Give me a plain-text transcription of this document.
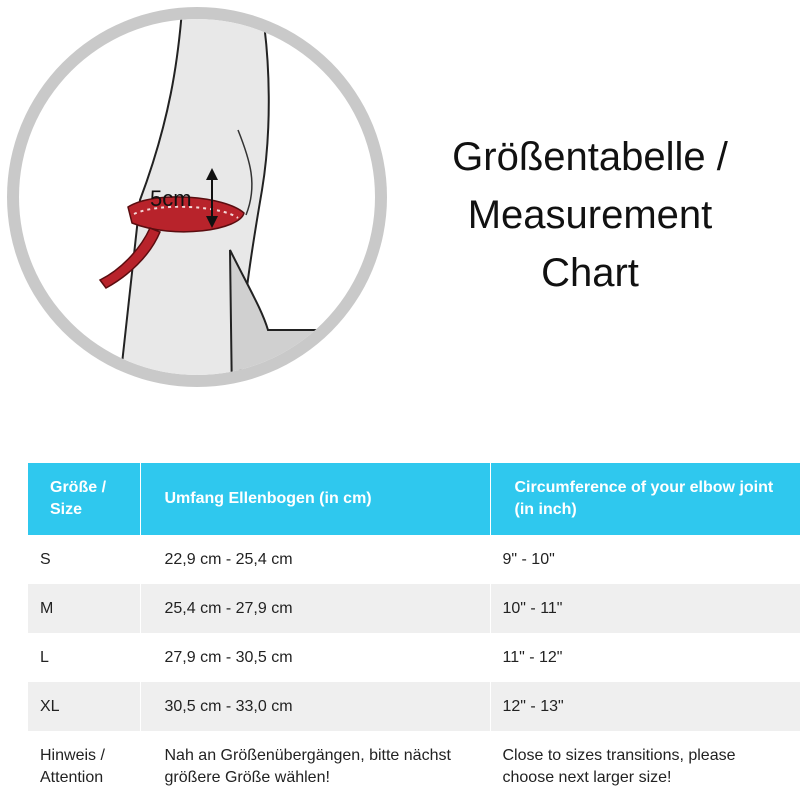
5cm
Größentabelle /
Measurement
Chart
Größe / Size	Umfang Ellenbogen (in cm)	Circumference of your elbow joint (in inch)
S	22,9 cm - 25,4 cm	9" - 10"
M	25,4 cm - 27,9 cm	10" - 11"
L	27,9 cm - 30,5 cm	11" - 12"
XL	30,5 cm - 33,0 cm	12" - 13"
Hinweis / Attention	Nah an Größenübergängen, bitte nächst größere Größe wählen!	Close to sizes transitions, please choose next larger size!
